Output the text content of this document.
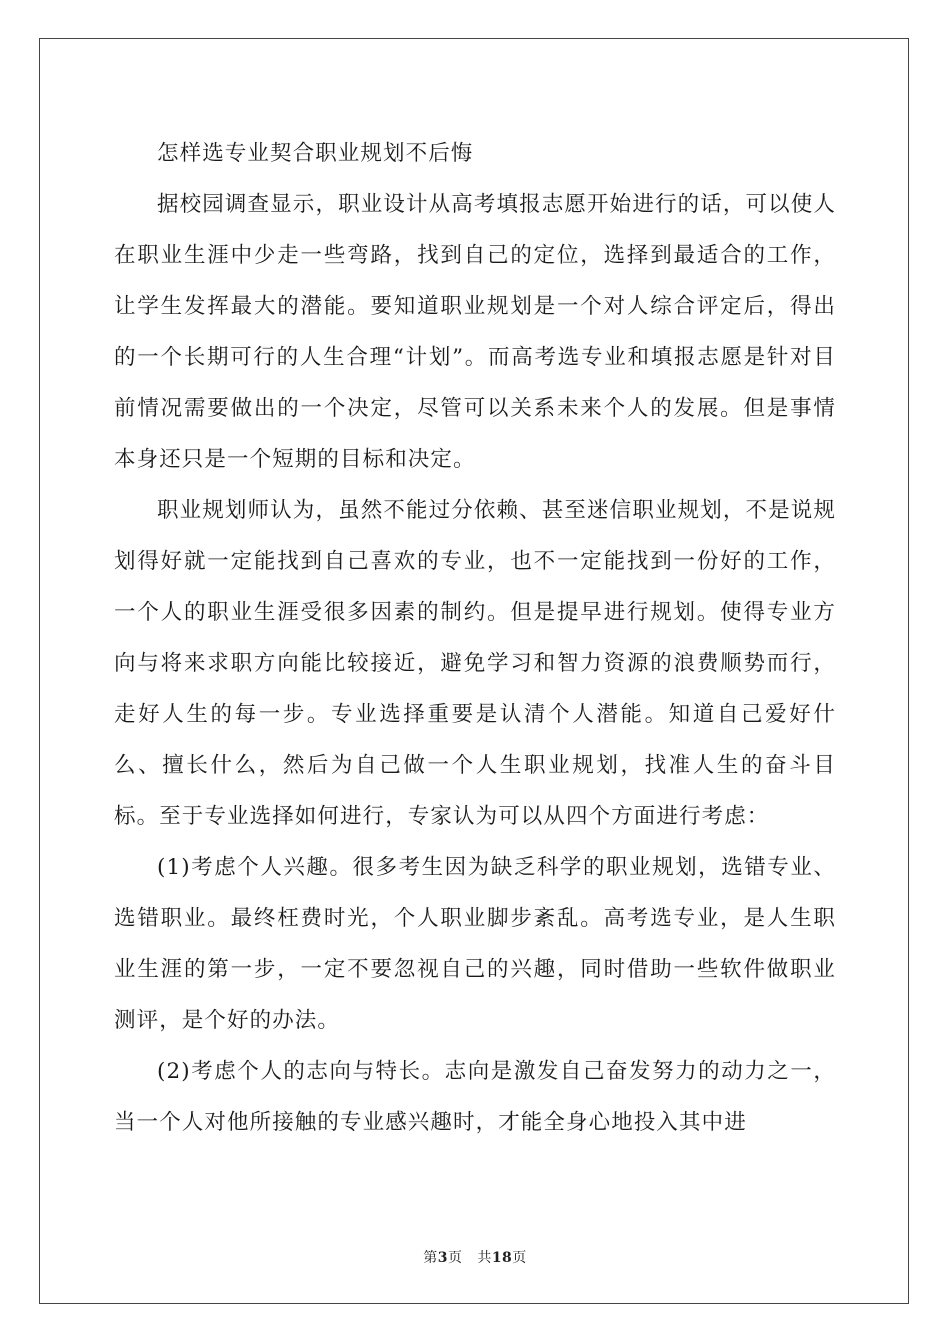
怎样选专业契合职业规划不后悔

据校园调查显示，职业设计从高考填报志愿开始进行的话，可以使人在职业生涯中少走一些弯路，找到自己的定位，选择到最适合的工作，让学生发挥最大的潜能。要知道职业规划是一个对人综合评定后，得出的一个长期可行的人生合理“计划”。而高考选专业和填报志愿是针对目前情况需要做出的一个决定，尽管可以关系未来个人的发展。但是事情本身还只是一个短期的目标和决定。

职业规划师认为，虽然不能过分依赖、甚至迷信职业规划，不是说规划得好就一定能找到自己喜欢的专业，也不一定能找到一份好的工作，一个人的职业生涯受很多因素的制约。但是提早进行规划。使得专业方向与将来求职方向能比较接近，避免学习和智力资源的浪费顺势而行，走好人生的每一步。专业选择重要是认清个人潜能。知道自己爱好什么、擅长什么，然后为自己做一个人生职业规划，找准人生的奋斗目标。至于专业选择如何进行，专家认为可以从四个方面进行考虑：

(1)考虑个人兴趣。很多考生因为缺乏科学的职业规划，选错专业、选错职业。最终枉费时光，个人职业脚步紊乱。高考选专业，是人生职业生涯的第一步，一定不要忽视自己的兴趣，同时借助一些软件做职业测评，是个好的办法。

(2)考虑个人的志向与特长。志向是激发自己奋发努力的动力之一，当一个人对他所接触的专业感兴趣时，才能全身心地投入其中进

第3页 共18页
